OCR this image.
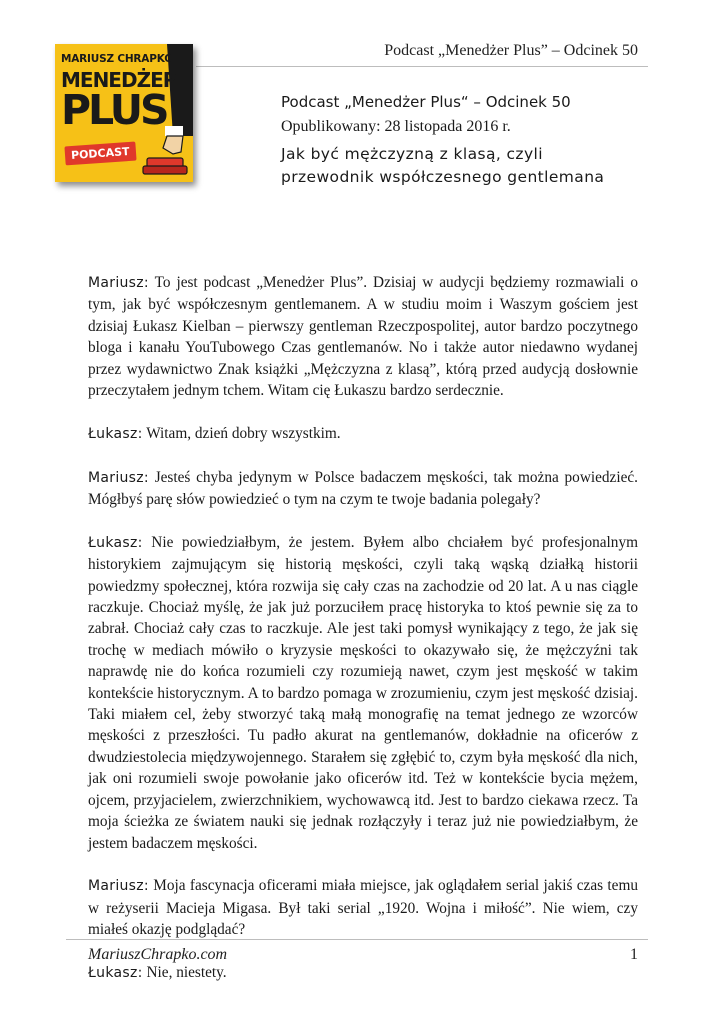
Podcast „Menedżer Plus” – Odcinek 50
MARIUSZ CHRAPKO
MENEDŻER
PLUS
PODCAST
Podcast „Menedżer Plus“ – Odcinek 50
Opublikowany: 28 listopada 2016 r.
Jak być mężczyzną z klasą, czyli przewodnik współczesnego gentlemana

Mariusz: To jest podcast „Menedżer Plus”. Dzisiaj w audycji będziemy rozmawiali o tym, jak być współczesnym gentlemanem. A w studiu moim i Waszym gościem jest dzisiaj Łukasz Kielban – pierwszy gentleman Rzeczpospolitej, autor bardzo poczytnego bloga i kanału YouTubowego Czas gentlemanów. No i także autor niedawno wydanej przez wydawnictwo Znak książki „Mężczyzna z klasą”, którą przed audycją dosłownie przeczytałem jednym tchem. Witam cię Łukaszu bardzo serdecznie.

Łukasz: Witam, dzień dobry wszystkim.

Mariusz: Jesteś chyba jedynym w Polsce badaczem męskości, tak można powiedzieć. Mógłbyś parę słów powiedzieć o tym na czym te twoje badania polegały?

Łukasz: Nie powiedziałbym, że jestem. Byłem albo chciałem być profesjonalnym historykiem zajmującym się historią męskości, czyli taką wąską działką historii powiedzmy społecznej, która rozwija się cały czas na zachodzie od 20 lat. A u nas ciągle raczkuje. Chociaż myślę, że jak już porzuciłem pracę historyka to ktoś pewnie się za to zabrał. Chociaż cały czas to raczkuje. Ale jest taki pomysł wynikający z tego, że jak się trochę w mediach mówiło o kryzysie męskości to okazywało się, że mężczyźni tak naprawdę nie do końca rozumieli czy rozumieją nawet, czym jest męskość w takim kontekście historycznym. A to bardzo pomaga w zrozumieniu, czym jest męskość dzisiaj. Taki miałem cel, żeby stworzyć taką małą monografię na temat jednego ze wzorców męskości z przeszłości. Tu padło akurat na gentlemanów, dokładnie na oficerów z dwudziestolecia międzywojennego. Starałem się zgłębić to, czym była męskość dla nich, jak oni rozumieli swoje powołanie jako oficerów itd. Też w kontekście bycia mężem, ojcem, przyjacielem, zwierzchnikiem, wychowawcą itd. Jest to bardzo ciekawa rzecz. Ta moja ścieżka ze światem nauki się jednak rozłączyły i teraz już nie powiedziałbym, że jestem badaczem męskości.

Mariusz: Moja fascynacja oficerami miała miejsce, jak oglądałem serial jakiś czas temu w reżyserii Macieja Migasa. Był taki serial „1920. Wojna i miłość”. Nie wiem, czy miałeś okazję podglądać?

Łukasz: Nie, niestety.

MariuszChrapko.com	1
